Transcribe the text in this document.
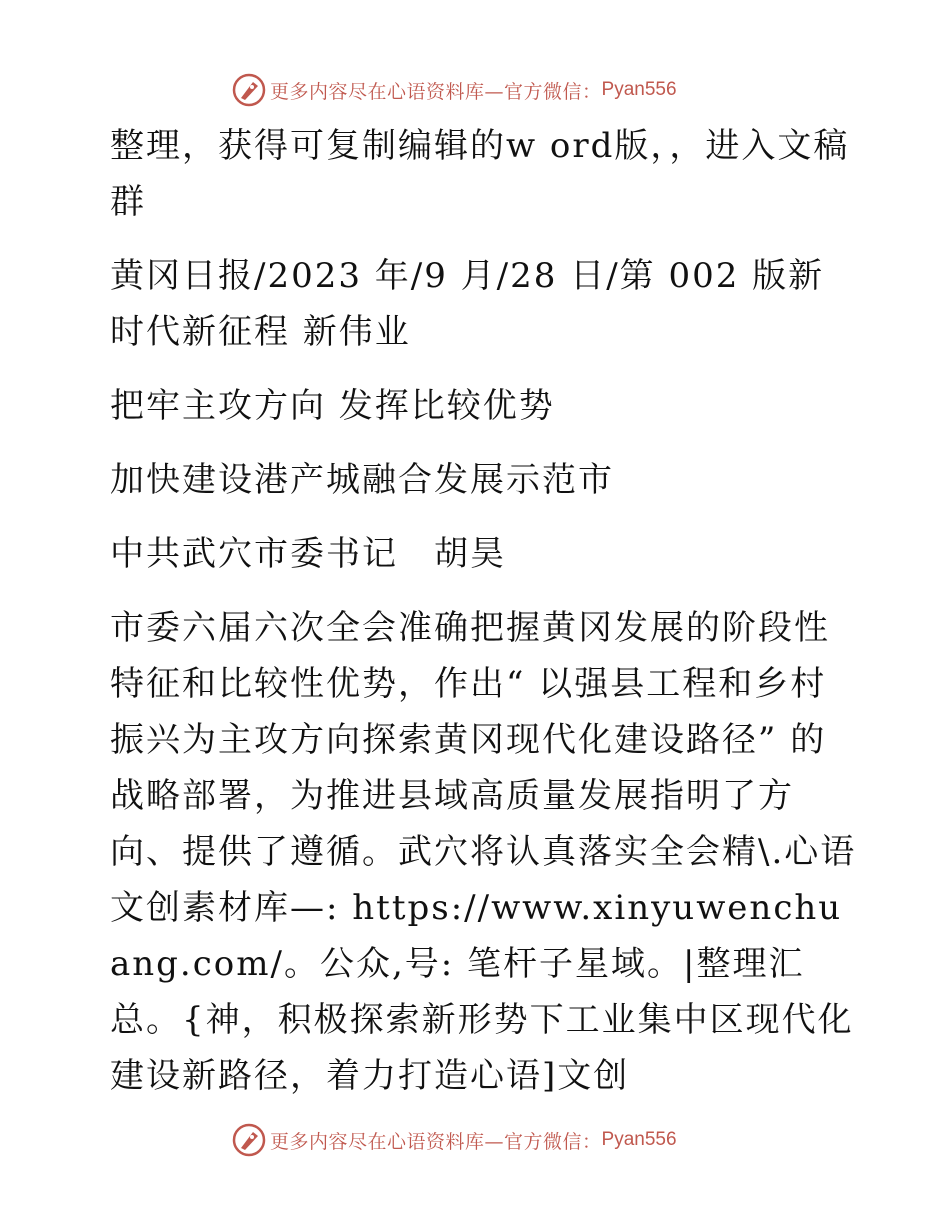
更多内容尽在心语资料库—官方微信： Pyan556

整理，获得可复制编辑的w ord版，，进入文稿群

黄冈日报/2023 年/9 月/28 日/第 002 版新时代新征程 新伟业

把牢主攻方向 发挥比较优势

加快建设港产城融合发展示范市

中共武穴市委书记　胡昊

市委六届六次全会准确把握黄冈发展的阶段性特征和比较性优势，作出“ 以强县工程和乡村振兴为主攻方向探索黄冈现代化建设路径” 的战略部署，为推进县域高质量发展指明了方向、提供了遵循。武穴将认真落实全会精\.心语文创素材库—: https://www.xinyuwenchuang.com/。公众,号: 笔杆子星域。|整理汇总。{神，积极探索新形势下工业集中区现代化建设新路径，着力打造心语]文创

更多内容尽在心语资料库—官方微信： Pyan556
